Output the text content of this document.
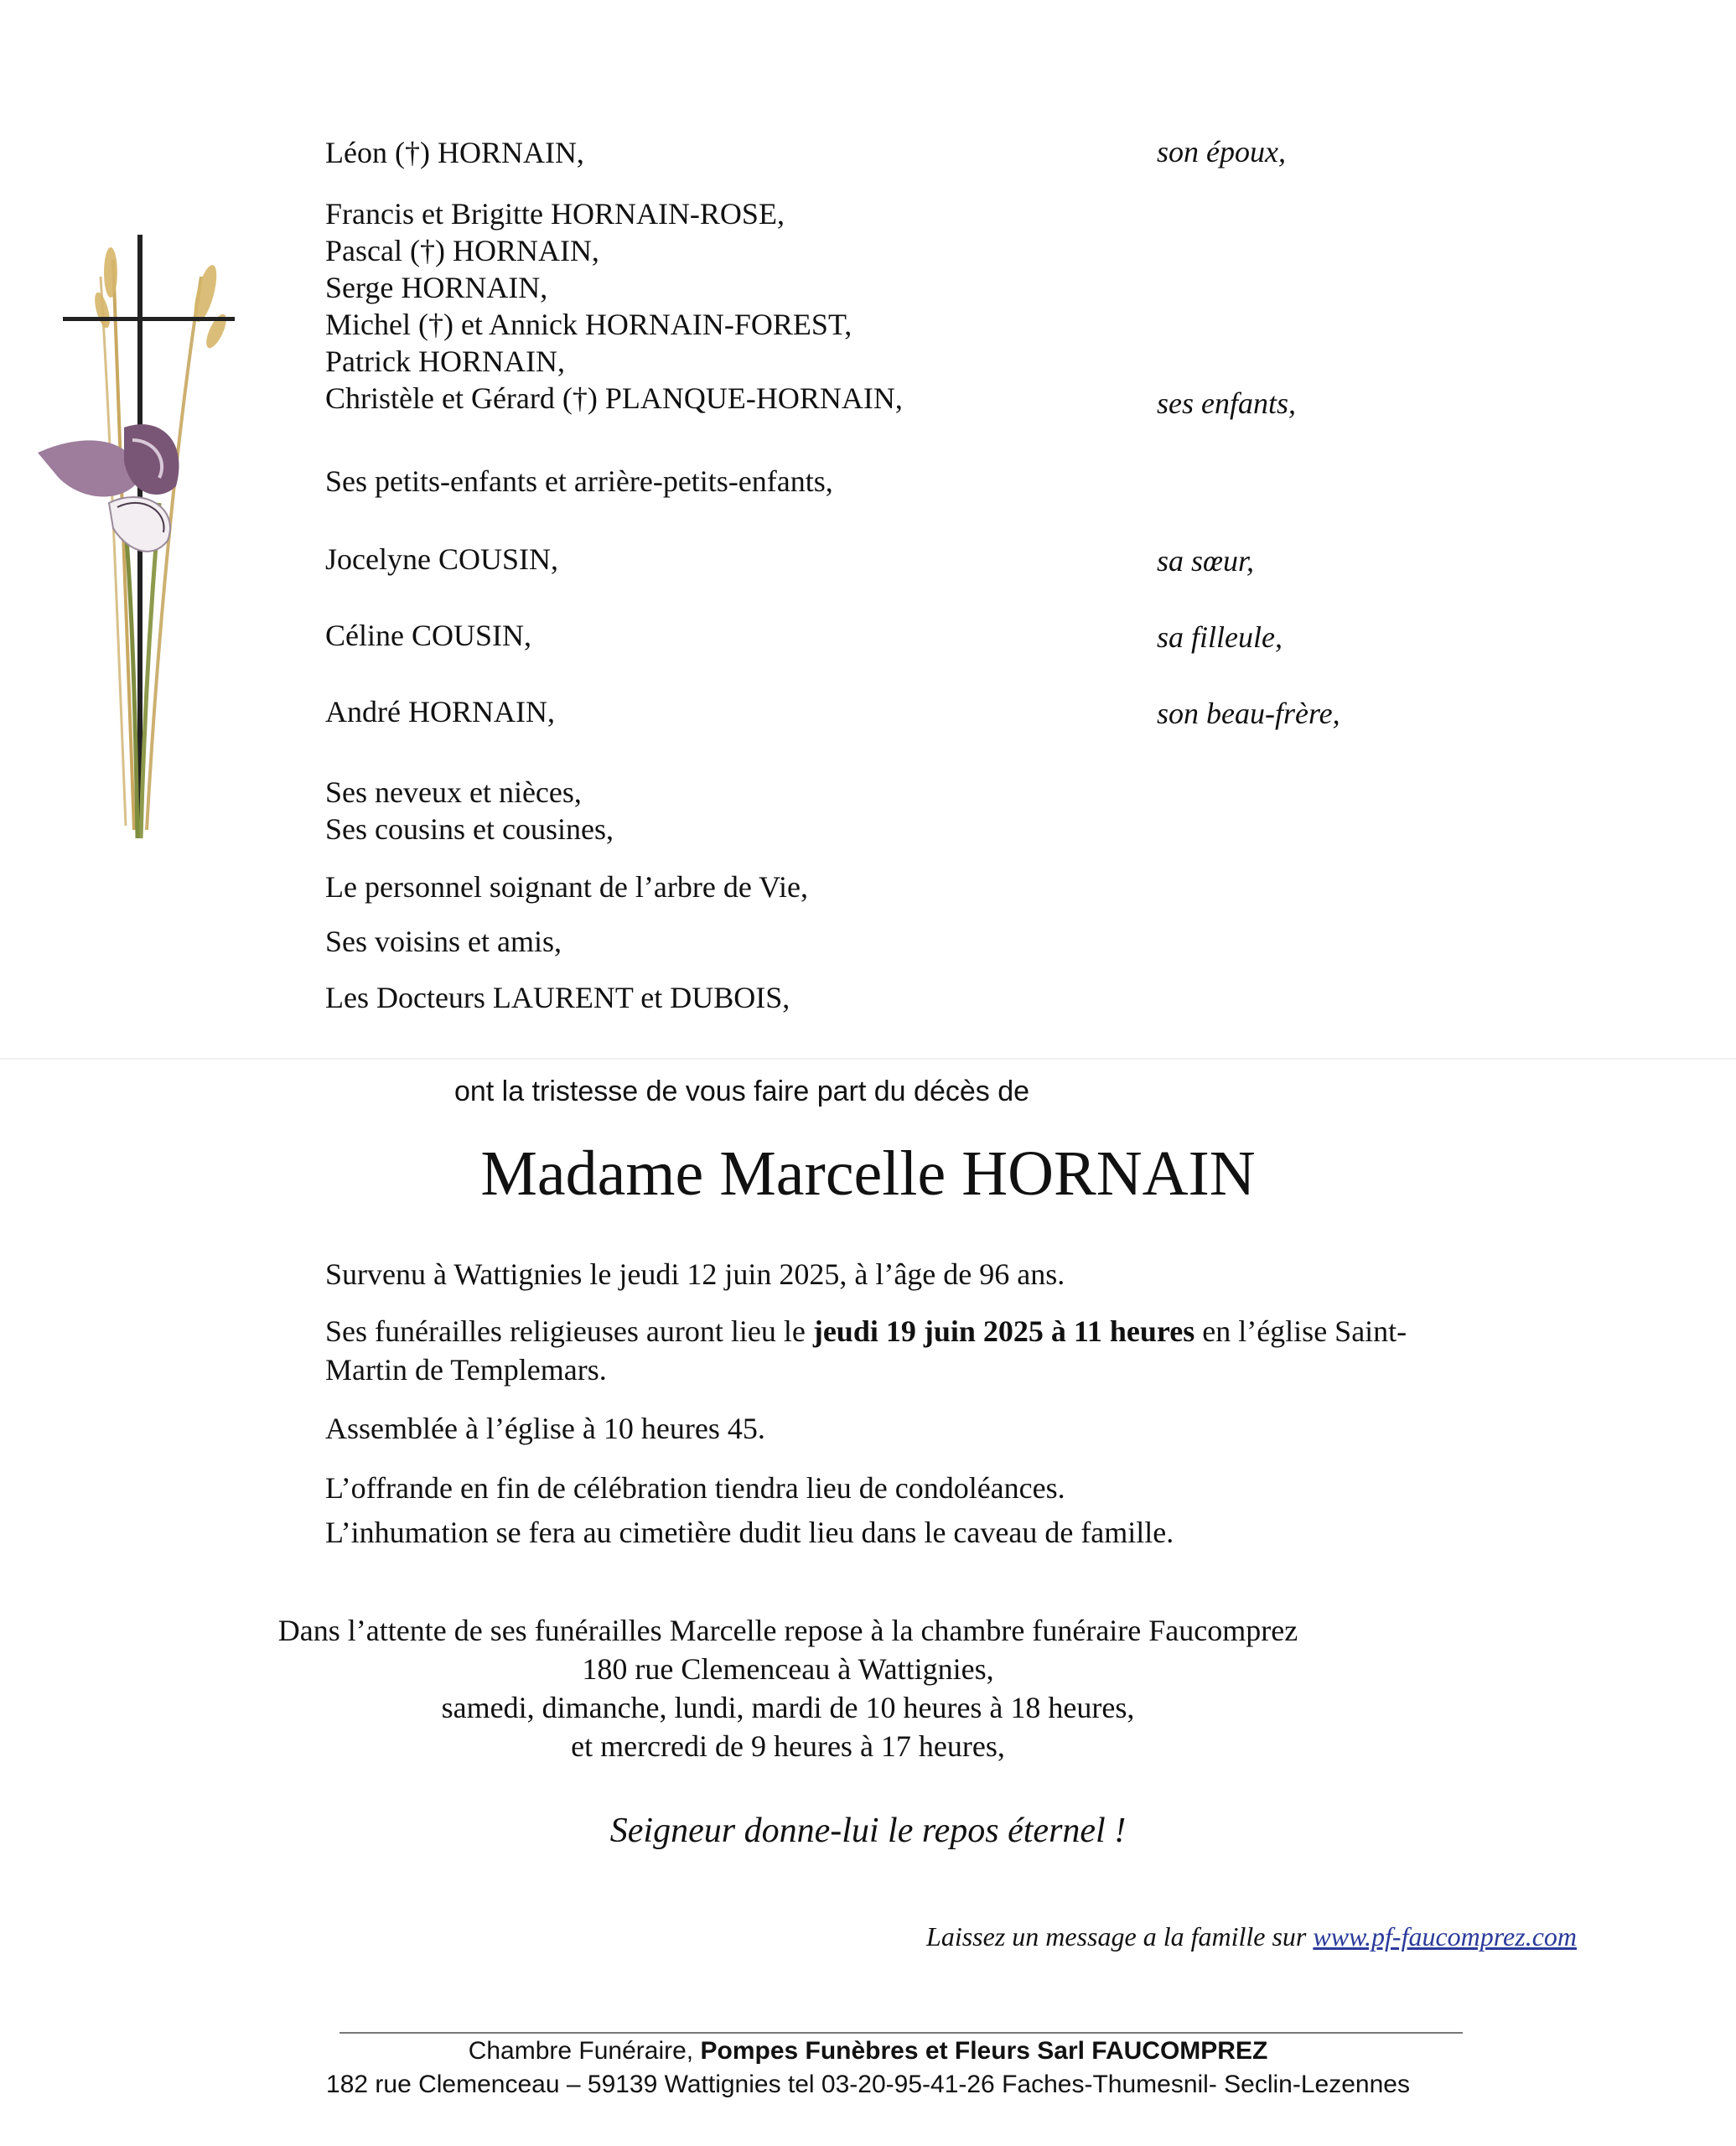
Léon (†) HORNAIN,	son époux,
Francis et Brigitte HORNAIN-ROSE,
Pascal (†) HORNAIN,
Serge HORNAIN,
Michel (†) et Annick HORNAIN-FOREST,
Patrick HORNAIN,
Christèle et Gérard (†) PLANQUE-HORNAIN,	ses enfants,
Ses petits-enfants et arrière-petits-enfants,
Jocelyne COUSIN,	sa sœur,
Céline COUSIN,	sa filleule,
André HORNAIN,	son beau-frère,
Ses neveux et nièces,
Ses cousins et cousines,
Le personnel soignant de l’arbre de Vie,
Ses voisins et amis,
Les Docteurs LAURENT et DUBOIS,
ont la tristesse de vous faire part du décès de
Madame Marcelle HORNAIN
Survenu à Wattignies le jeudi 12 juin 2025, à l’âge de 96 ans.
Ses funérailles religieuses auront lieu le jeudi 19 juin 2025 à 11 heures en l’église Saint-
Martin de Templemars.
Assemblée à l’église à 10 heures 45.
L’offrande en fin de célébration tiendra lieu de condoléances.
L’inhumation se fera au cimetière dudit lieu dans le caveau de famille.
Dans l’attente de ses funérailles Marcelle repose à la chambre funéraire Faucomprez
180 rue Clemenceau à Wattignies,
samedi, dimanche, lundi, mardi de 10 heures à 18 heures,
et mercredi de 9 heures à 17 heures,
Seigneur donne-lui le repos éternel !
Laissez un message a la famille sur www.pf-faucomprez.com
Chambre Funéraire, Pompes Funèbres et Fleurs Sarl FAUCOMPREZ
182 rue Clemenceau – 59139 Wattignies tel 03-20-95-41-26 Faches-Thumesnil- Seclin-Lezennes
